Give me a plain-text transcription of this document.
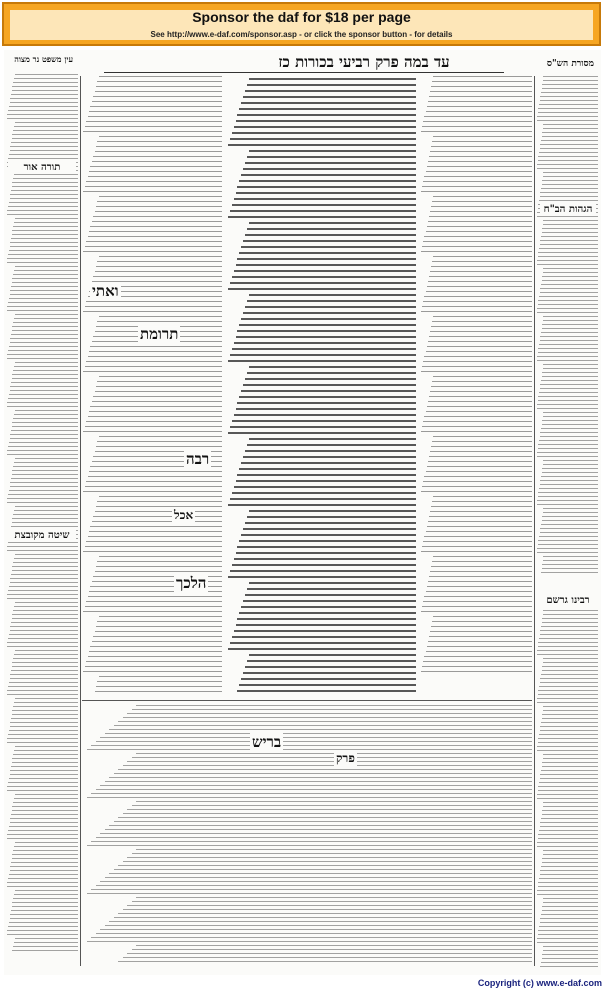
Sponsor the daf for $18 per page
See http://www.e-daf.com/sponsor.asp - or click the sponsor button - for details
עד במה פרק רביעי בכורות כז	מסורת הש"ס
עין משפט נר מצוה
הגהות הב"ח
תורה אור
רבינו גרשם
שיטה מקובצת
ואתי
תרומת
רבה
אכל
הלכך
בריש
פרק
Copyright (c) www.e-daf.com
